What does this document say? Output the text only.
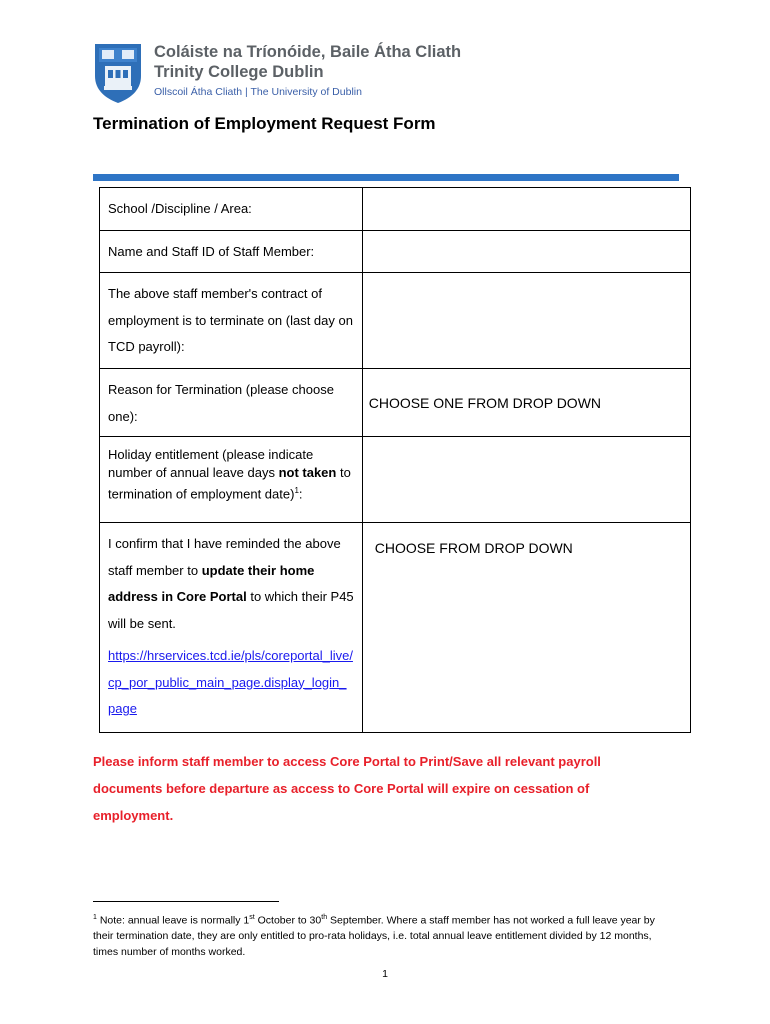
Coláiste na Tríonóide, Baile Átha Cliath
Trinity College Dublin
Ollscoil Átha Cliath | The University of Dublin
Termination of Employment Request Form
School /Discipline / Area:	
Name and Staff ID of Staff Member:	
The above staff member's contract of employment is to terminate on (last day on TCD payroll):	
Reason for Termination (please choose one):	CHOOSE ONE FROM DROP DOWN

Holiday entitlement (please indicate number of annual leave days not taken to termination of employment date)$^1$:	
I confirm that I have reminded the above staff member to update their home address in Core Portal to which their P45 will be sent.
https://hrservices.tcd.ie/pls/coreportal_live/cp_por_public_main_page.display_login_page	CHOOSE FROM DROP DOWN
Please inform staff member to access Core Portal to Print/Save all relevant payroll documents before departure as access to Core Portal will expire on cessation of employment.
$^1$ Note: annual leave is normally 1st October to 30th September. Where a staff member has not worked a full leave year by their termination date, they are only entitled to pro-rata holidays, i.e. total annual leave entitlement divided by 12 months, times number of months worked.
1
